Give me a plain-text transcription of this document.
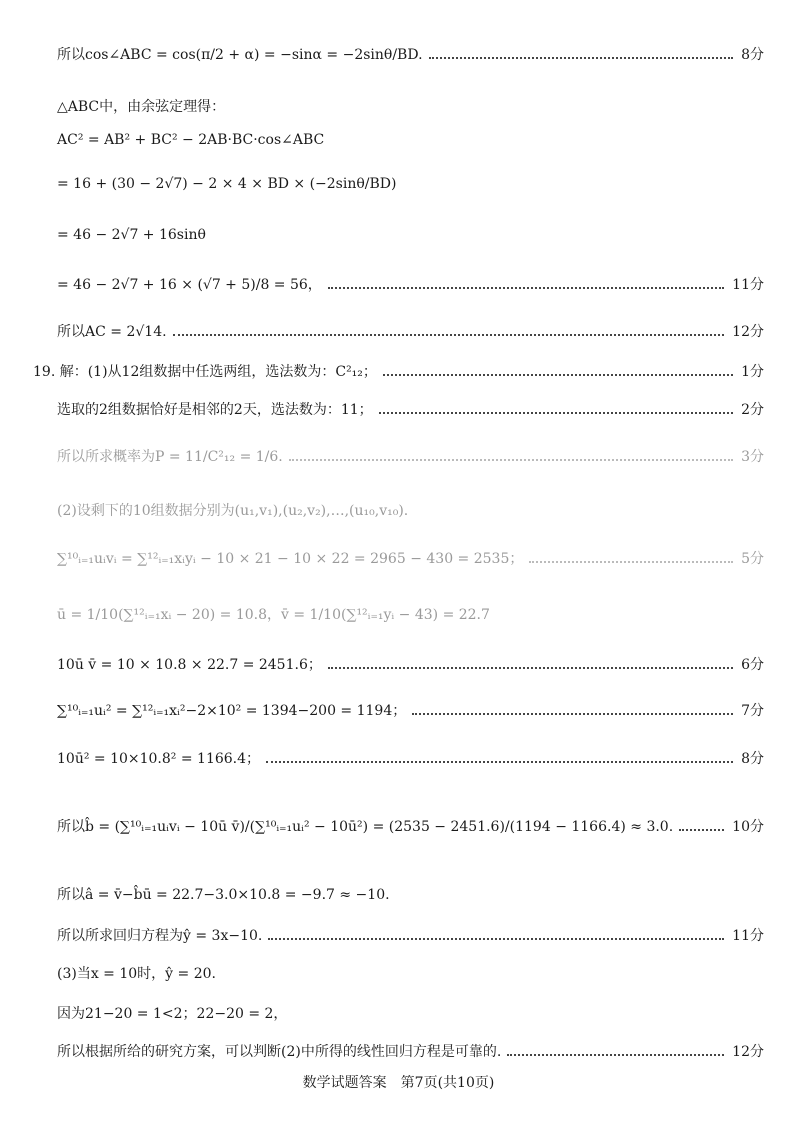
所以cos∠ABC = cos(π/2 + α) = −sinα = −2sinθ/BD.	8分
△ABC中，由余弦定理得：
AC² = AB² + BC² − 2AB·BC·cos∠ABC
= 16 + (30 − 2√7) − 2 × 4 × BD × (−2sinθ/BD)
= 46 − 2√7 + 16sinθ
= 46 − 2√7 + 16 × (√7 + 5)/8 = 56，	11分
所以AC = 2√14.	12分
19. 解：(1)从12组数据中任选两组，选法数为：C²₁₂；	1分
选取的2组数据恰好是相邻的2天，选法数为：11；	2分
所以所求概率为P = 11/C²₁₂ = 1/6.	3分
(2)设剩下的10组数据分别为(u₁,v₁),(u₂,v₂),…,(u₁₀,v₁₀).
∑¹⁰ᵢ₌₁uᵢvᵢ = ∑¹²ᵢ₌₁xᵢyᵢ − 10 × 21 − 10 × 22 = 2965 − 430 = 2535；	5分
ū = 1/10(∑¹²ᵢ₌₁xᵢ − 20) = 10.8，v̄ = 1/10(∑¹²ᵢ₌₁yᵢ − 43) = 22.7
10ū v̄ = 10 × 10.8 × 22.7 = 2451.6；	6分
∑¹⁰ᵢ₌₁uᵢ² = ∑¹²ᵢ₌₁xᵢ²−2×10² = 1394−200 = 1194；	7分
10ū² = 10×10.8² = 1166.4；	8分
所以b̂ = (∑¹⁰ᵢ₌₁uᵢvᵢ − 10ū v̄)/(∑¹⁰ᵢ₌₁uᵢ² − 10ū²) = (2535 − 2451.6)/(1194 − 1166.4) ≈ 3.0.	10分
所以â = v̄−b̂ū = 22.7−3.0×10.8 = −9.7 ≈ −10.
所以所求回归方程为ŷ = 3x−10.	11分
(3)当x = 10时，ŷ = 20.
因为21−20 = 1<2；22−20 = 2，
所以根据所给的研究方案，可以判断(2)中所得的线性回归方程是可靠的.	12分
数学试题答案　第7页(共10页)
